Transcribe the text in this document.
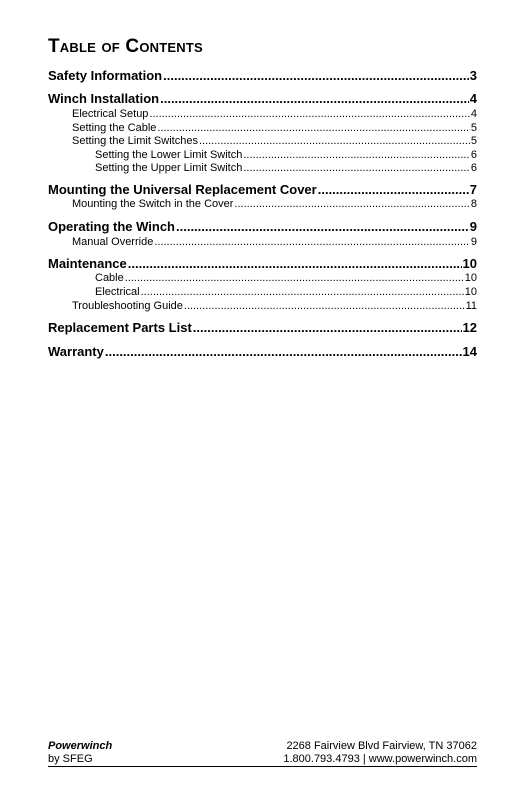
Table of Contents
Safety Information .....	3
Winch Installation .....	4
Electrical Setup .....	4
Setting the Cable .....	5
Setting the Limit Switches .....	5
Setting the Lower Limit Switch .....	6
Setting the Upper Limit Switch .....	6
Mounting the Universal Replacement Cover .....	7
Mounting the Switch in the Cover .....	8
Operating the Winch .....	9
Manual Override .....	9
Maintenance .....	10
Cable .....	10
Electrical .....	10
Troubleshooting Guide .....	11
Replacement Parts List .....	12
Warranty .....	14
Powerwinch
by SFEG
2268 Fairview Blvd Fairview, TN 37062
1.800.793.4793 | www.powerwinch.com
